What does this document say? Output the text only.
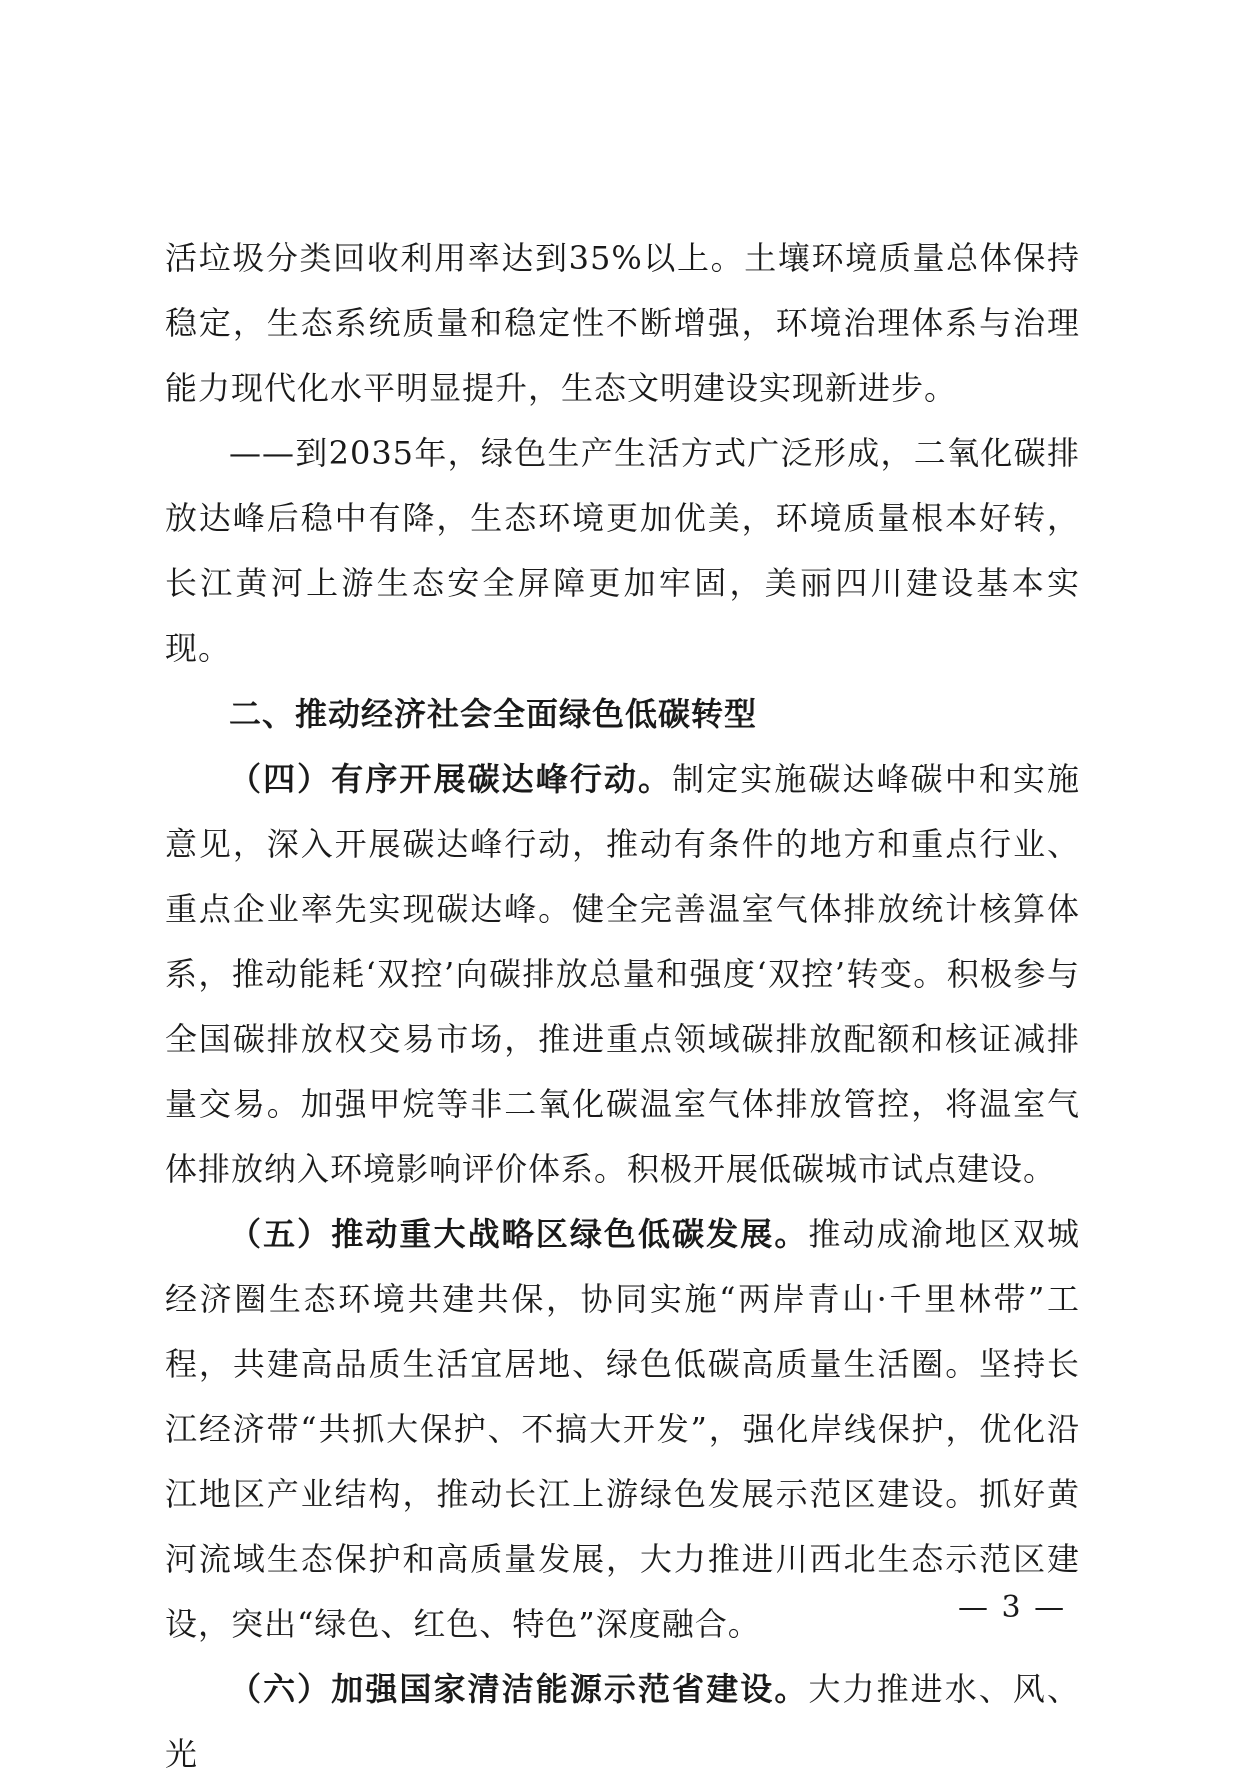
活垃圾分类回收利用率达到35%以上。土壤环境质量总体保持稳定，生态系统质量和稳定性不断增强，环境治理体系与治理能力现代化水平明显提升，生态文明建设实现新进步。

——到2035年，绿色生产生活方式广泛形成，二氧化碳排放达峰后稳中有降，生态环境更加优美，环境质量根本好转，长江黄河上游生态安全屏障更加牢固，美丽四川建设基本实现。

二、推动经济社会全面绿色低碳转型

（四）有序开展碳达峰行动。制定实施碳达峰碳中和实施意见，深入开展碳达峰行动，推动有条件的地方和重点行业、重点企业率先实现碳达峰。健全完善温室气体排放统计核算体系，推动能耗‘双控’向碳排放总量和强度‘双控’转变。积极参与全国碳排放权交易市场，推进重点领域碳排放配额和核证减排量交易。加强甲烷等非二氧化碳温室气体排放管控，将温室气体排放纳入环境影响评价体系。积极开展低碳城市试点建设。

（五）推动重大战略区绿色低碳发展。推动成渝地区双城经济圈生态环境共建共保，协同实施“两岸青山·千里林带”工程，共建高品质生活宜居地、绿色低碳高质量生活圈。坚持长江经济带“共抓大保护、不搞大开发”，强化岸线保护，优化沿江地区产业结构，推动长江上游绿色发展示范区建设。抓好黄河流域生态保护和高质量发展，大力推进川西北生态示范区建设，突出“绿色、红色、特色”深度融合。

（六）加强国家清洁能源示范省建设。大力推进水、风、光

— 3 —
